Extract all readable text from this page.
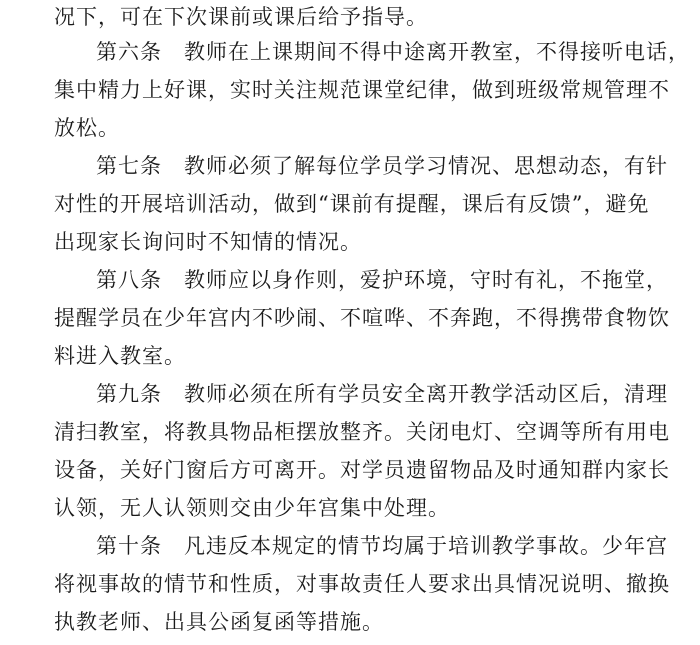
况下，可在下次课前或课后给予指导。
第六条 教师在上课期间不得中途离开教室，不得接听电话，
集中精力上好课，实时关注规范课堂纪律，做到班级常规管理不
放松。
第七条 教师必须了解每位学员学习情况、思想动态，有针
对性的开展培训活动，做到“课前有提醒，课后有反馈”，避免
出现家长询问时不知情的情况。
第八条 教师应以身作则，爱护环境，守时有礼，不拖堂，
提醒学员在少年宫内不吵闹、不喧哗、不奔跑，不得携带食物饮
料进入教室。
第九条 教师必须在所有学员安全离开教学活动区后，清理
清扫教室，将教具物品柜摆放整齐。关闭电灯、空调等所有用电
设备，关好门窗后方可离开。对学员遗留物品及时通知群内家长
认领，无人认领则交由少年宫集中处理。
第十条 凡违反本规定的情节均属于培训教学事故。少年宫
将视事故的情节和性质，对事故责任人要求出具情况说明、撤换
执教老师、出具公函复函等措施。
